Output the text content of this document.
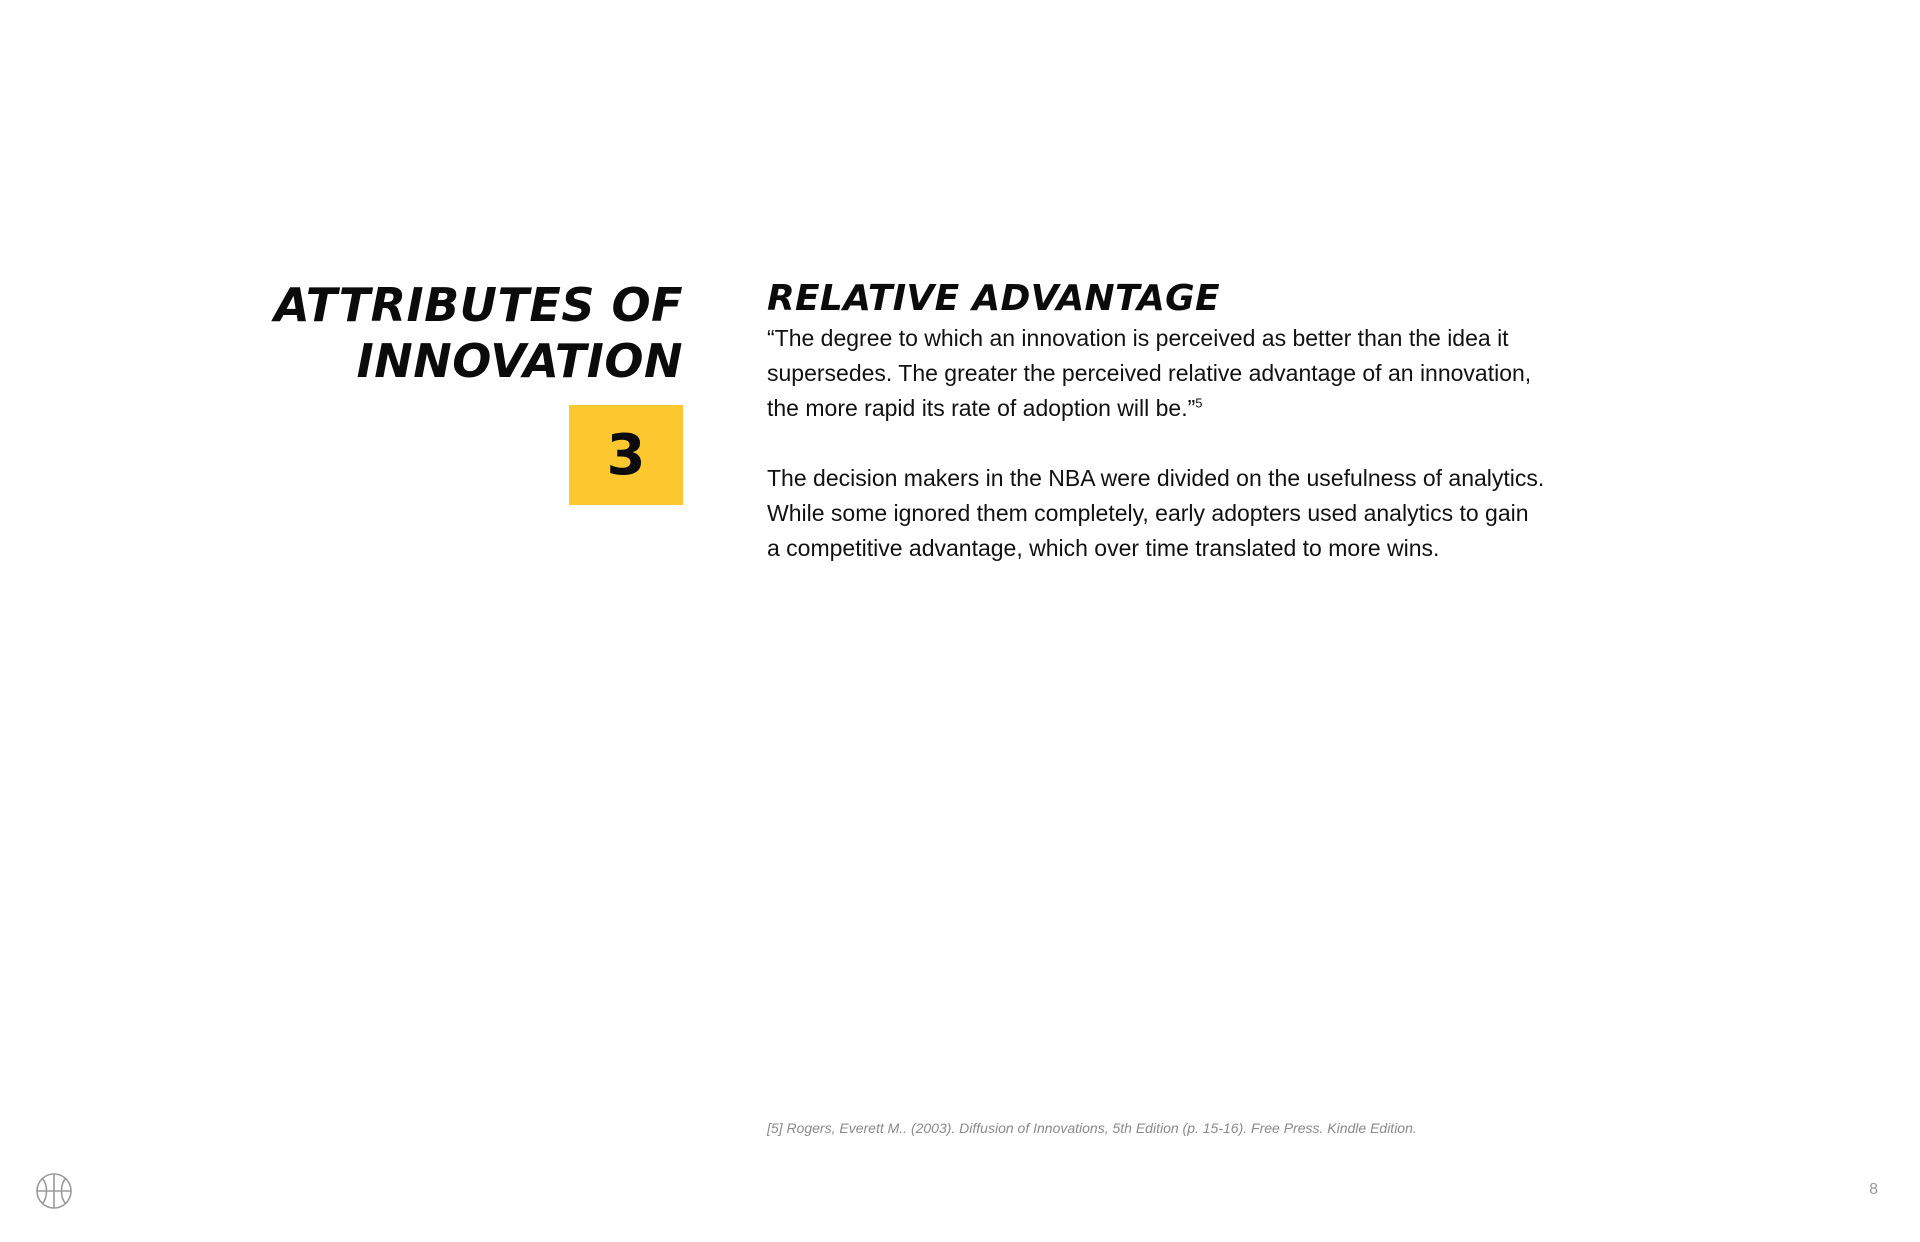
ATTRIBUTES OF
INNOVATION
3
RELATIVE ADVANTAGE

“The degree to which an innovation is perceived as better than the idea it supersedes. The greater the perceived relative advantage of an innovation, the more rapid its rate of adoption will be.”$^5$

The decision makers in the NBA were divided on the usefulness of analytics. While some ignored them completely, early adopters used analytics to gain a competitive advantage, which over time translated to more wins.

[5] Rogers, Everett M.. (2003). Diffusion of Innovations, 5th Edition (p. 15-16). Free Press. Kindle Edition.
8
